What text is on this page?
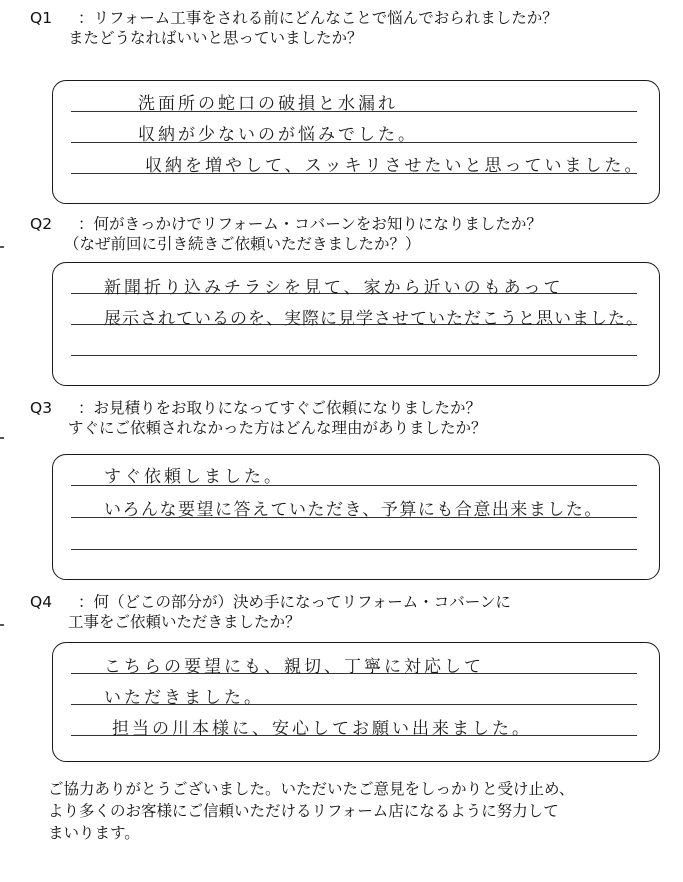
Q1 ：リフォーム工事をされる前にどんなことで悩んでおられましたか？
またどうなればいいと思っていましたか？
洗面所の蛇口の破損と水漏れ
収納が少ないのが悩みでした。
収納を増やして、スッキリさせたいと思っていました。
Q2 ：何がきっかけでリフォーム・コバーンをお知りになりましたか？
（なぜ前回に引き続きご依頼いただきましたか？）
新聞折り込みチラシを見て、家から近いのもあって
展示されているのを、実際に見学させていただこうと思いました。
Q3 ：お見積りをお取りになってすぐご依頼になりましたか？
すぐにご依頼されなかった方はどんな理由がありましたか？
すぐ依頼しました。
いろんな要望に答えていただき、予算にも合意出来ました。
Q4 ：何（どこの部分が）決め手になってリフォーム・コバーンに
工事をご依頼いただきましたか？
こちらの要望にも、親切、丁寧に対応して
いただきました。
担当の川本様に、安心してお願い出来ました。
ご協力ありがとうございました。いただいたご意見をしっかりと受け止め、
より多くのお客様にご信頼いただけるリフォーム店になるように努力して
まいります。
